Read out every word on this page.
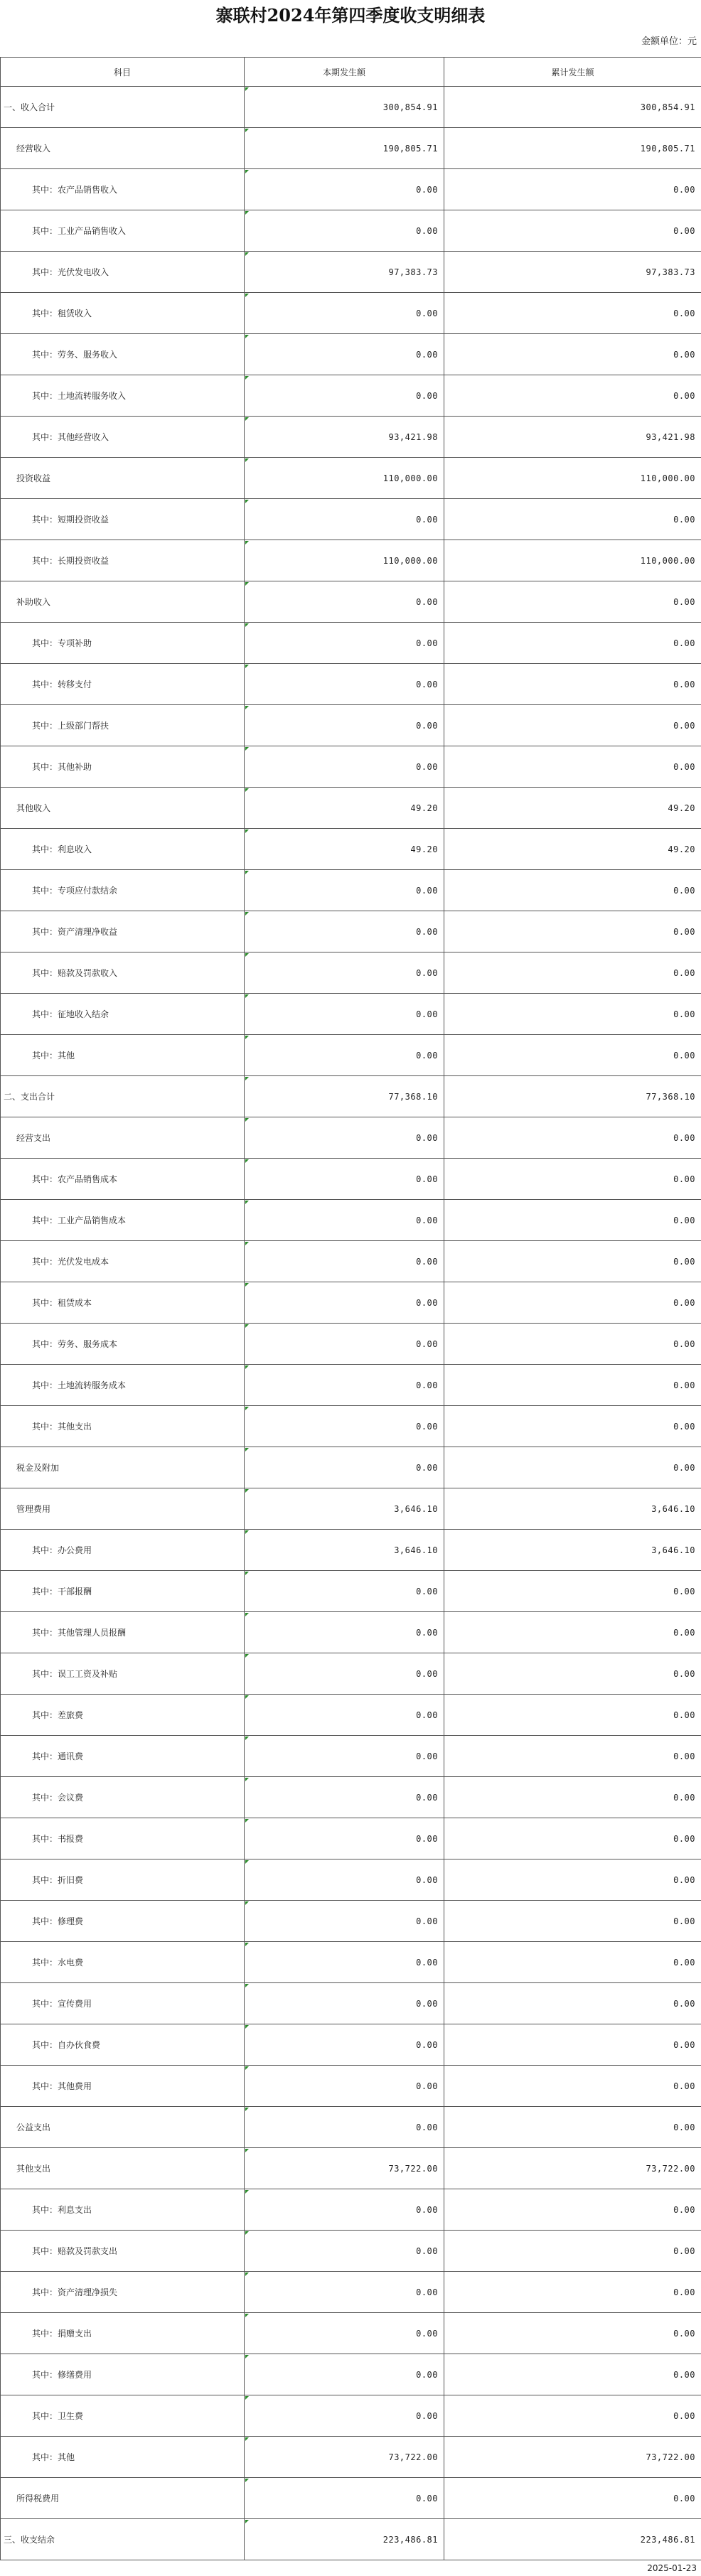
寨联村2024年第四季度收支明细表
金额单位：元
科目	本期发生额	累计发生额
一、收入合计	300,854.91	300,854.91
经营收入	190,805.71	190,805.71
其中：农产品销售收入	0.00	0.00
其中：工业产品销售收入	0.00	0.00
其中：光伏发电收入	97,383.73	97,383.73
其中：租赁收入	0.00	0.00
其中：劳务、服务收入	0.00	0.00
其中：土地流转服务收入	0.00	0.00
其中：其他经营收入	93,421.98	93,421.98
投资收益	110,000.00	110,000.00
其中：短期投资收益	0.00	0.00
其中：长期投资收益	110,000.00	110,000.00
补助收入	0.00	0.00
其中：专项补助	0.00	0.00
其中：转移支付	0.00	0.00
其中：上级部门帮扶	0.00	0.00
其中：其他补助	0.00	0.00
其他收入	49.20	49.20
其中：利息收入	49.20	49.20
其中：专项应付款结余	0.00	0.00
其中：资产清理净收益	0.00	0.00
其中：赔款及罚款收入	0.00	0.00
其中：征地收入结余	0.00	0.00
其中：其他	0.00	0.00
二、支出合计	77,368.10	77,368.10
经营支出	0.00	0.00
其中：农产品销售成本	0.00	0.00
其中：工业产品销售成本	0.00	0.00
其中：光伏发电成本	0.00	0.00
其中：租赁成本	0.00	0.00
其中：劳务、服务成本	0.00	0.00
其中：土地流转服务成本	0.00	0.00
其中：其他支出	0.00	0.00
税金及附加	0.00	0.00
管理费用	3,646.10	3,646.10
其中：办公费用	3,646.10	3,646.10
其中：干部报酬	0.00	0.00
其中：其他管理人员报酬	0.00	0.00
其中：误工工资及补贴	0.00	0.00
其中：差旅费	0.00	0.00
其中：通讯费	0.00	0.00
其中：会议费	0.00	0.00
其中：书报费	0.00	0.00
其中：折旧费	0.00	0.00
其中：修理费	0.00	0.00
其中：水电费	0.00	0.00
其中：宣传费用	0.00	0.00
其中：自办伙食费	0.00	0.00
其中：其他费用	0.00	0.00
公益支出	0.00	0.00
其他支出	73,722.00	73,722.00
其中：利息支出	0.00	0.00
其中：赔款及罚款支出	0.00	0.00
其中：资产清理净损失	0.00	0.00
其中：捐赠支出	0.00	0.00
其中：修缮费用	0.00	0.00
其中：卫生费	0.00	0.00
其中：其他	73,722.00	73,722.00
所得税费用	0.00	0.00
三、收支结余	223,486.81	223,486.81
2025-01-23
